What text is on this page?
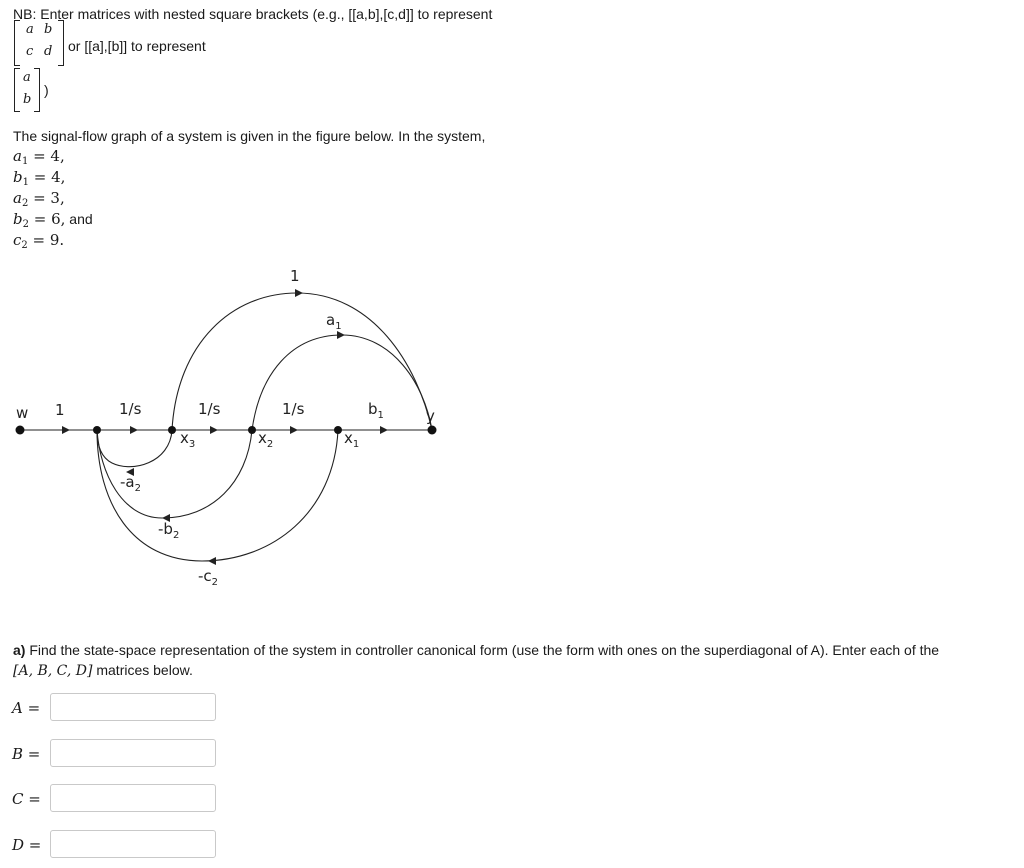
NB: Enter matrices with nested square brackets (e.g., [[a,b],[c,d]] to represent
a b
c d or [[a],[b]] to represent
a
b
)
The signal-flow graph of a system is given in the figure below. In the system,
$a_1 = 4$,
$b_1 = 4$,
$a_2 = 3$,
$b_2 = 6$, and
$c_2 = 9$.
w 1	1/s	1/s	1/s
1
y
$x_3$	$x_2$	$x_1$
$a_1$
$b_1$
$-a_2$
$-b_2$
$-c_2$
a) Find the state-space representation of the system in controller canonical form (use the form with ones on the superdiagonal of A). Enter each of the
[A, B, C, D] matrices below.
A =
B =
C =
D =
